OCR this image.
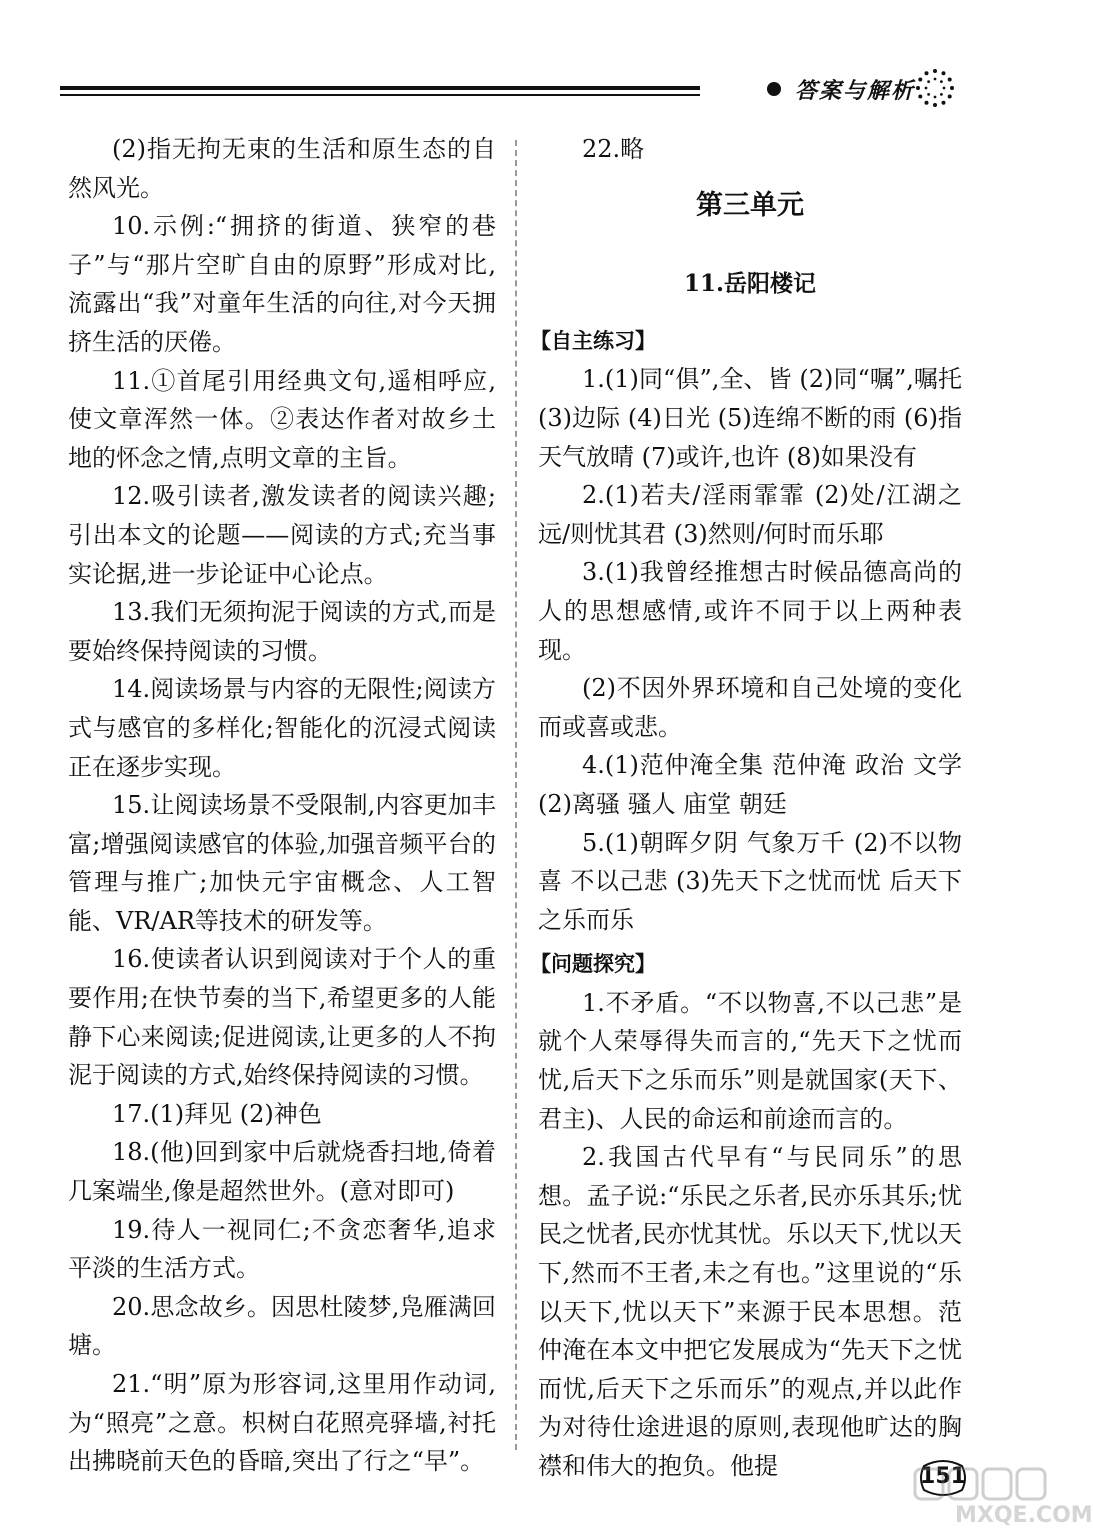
答案与解析

(2)指无拘无束的生活和原生态的自然风光。

10.示例:“拥挤的街道、狭窄的巷子”与“那片空旷自由的原野”形成对比,流露出“我”对童年生活的向往,对今天拥挤生活的厌倦。

11.①首尾引用经典文句,遥相呼应,使文章浑然一体。②表达作者对故乡土地的怀念之情,点明文章的主旨。

12.吸引读者,激发读者的阅读兴趣;引出本文的论题——阅读的方式;充当事实论据,进一步论证中心论点。

13.我们无须拘泥于阅读的方式,而是要始终保持阅读的习惯。

14.阅读场景与内容的无限性;阅读方式与感官的多样化;智能化的沉浸式阅读正在逐步实现。

15.让阅读场景不受限制,内容更加丰富;增强阅读感官的体验,加强音频平台的管理与推广;加快元宇宙概念、人工智能、VR/AR等技术的研发等。

16.使读者认识到阅读对于个人的重要作用;在快节奏的当下,希望更多的人能静下心来阅读;促进阅读,让更多的人不拘泥于阅读的方式,始终保持阅读的习惯。

17.(1)拜见 (2)神色

18.(他)回到家中后就烧香扫地,倚着几案端坐,像是超然世外。(意对即可)

19.待人一视同仁;不贪恋奢华,追求平淡的生活方式。

20.思念故乡。因思杜陵梦,凫雁满回塘。

21.“明”原为形容词,这里用作动词,为“照亮”之意。枳树白花照亮驿墙,衬托出拂晓前天色的昏暗,突出了行之“早”。

22.略

第三单元
11.岳阳楼记
【自主练习】

1.(1)同“俱”,全、皆 (2)同“嘱”,嘱托 (3)边际 (4)日光 (5)连绵不断的雨 (6)指天气放晴 (7)或许,也许 (8)如果没有

2.(1)若夫/淫雨霏霏 (2)处/江湖之远/则忧其君 (3)然则/何时而乐耶

3.(1)我曾经推想古时候品德高尚的人的思想感情,或许不同于以上两种表现。

(2)不因外界环境和自己处境的变化而或喜或悲。

4.(1)范仲淹全集 范仲淹 政治 文学 (2)离骚 骚人 庙堂 朝廷

5.(1)朝晖夕阴 气象万千 (2)不以物喜 不以己悲 (3)先天下之忧而忧 后天下之乐而乐

【问题探究】

1.不矛盾。“不以物喜,不以己悲”是就个人荣辱得失而言的,“先天下之忧而忧,后天下之乐而乐”则是就国家(天下、君主)、人民的命运和前途而言的。

2.我国古代早有“与民同乐”的思想。孟子说:“乐民之乐者,民亦乐其乐;忧民之忧者,民亦忧其忧。乐以天下,忧以天下,然而不王者,未之有也。”这里说的“乐以天下,忧以天下”来源于民本思想。范仲淹在本文中把它发展成为“先天下之忧而忧,后天下之乐而乐”的观点,并以此作为对待仕途进退的原则,表现他旷达的胸襟和伟大的抱负。他提	151
MXQE.COM
